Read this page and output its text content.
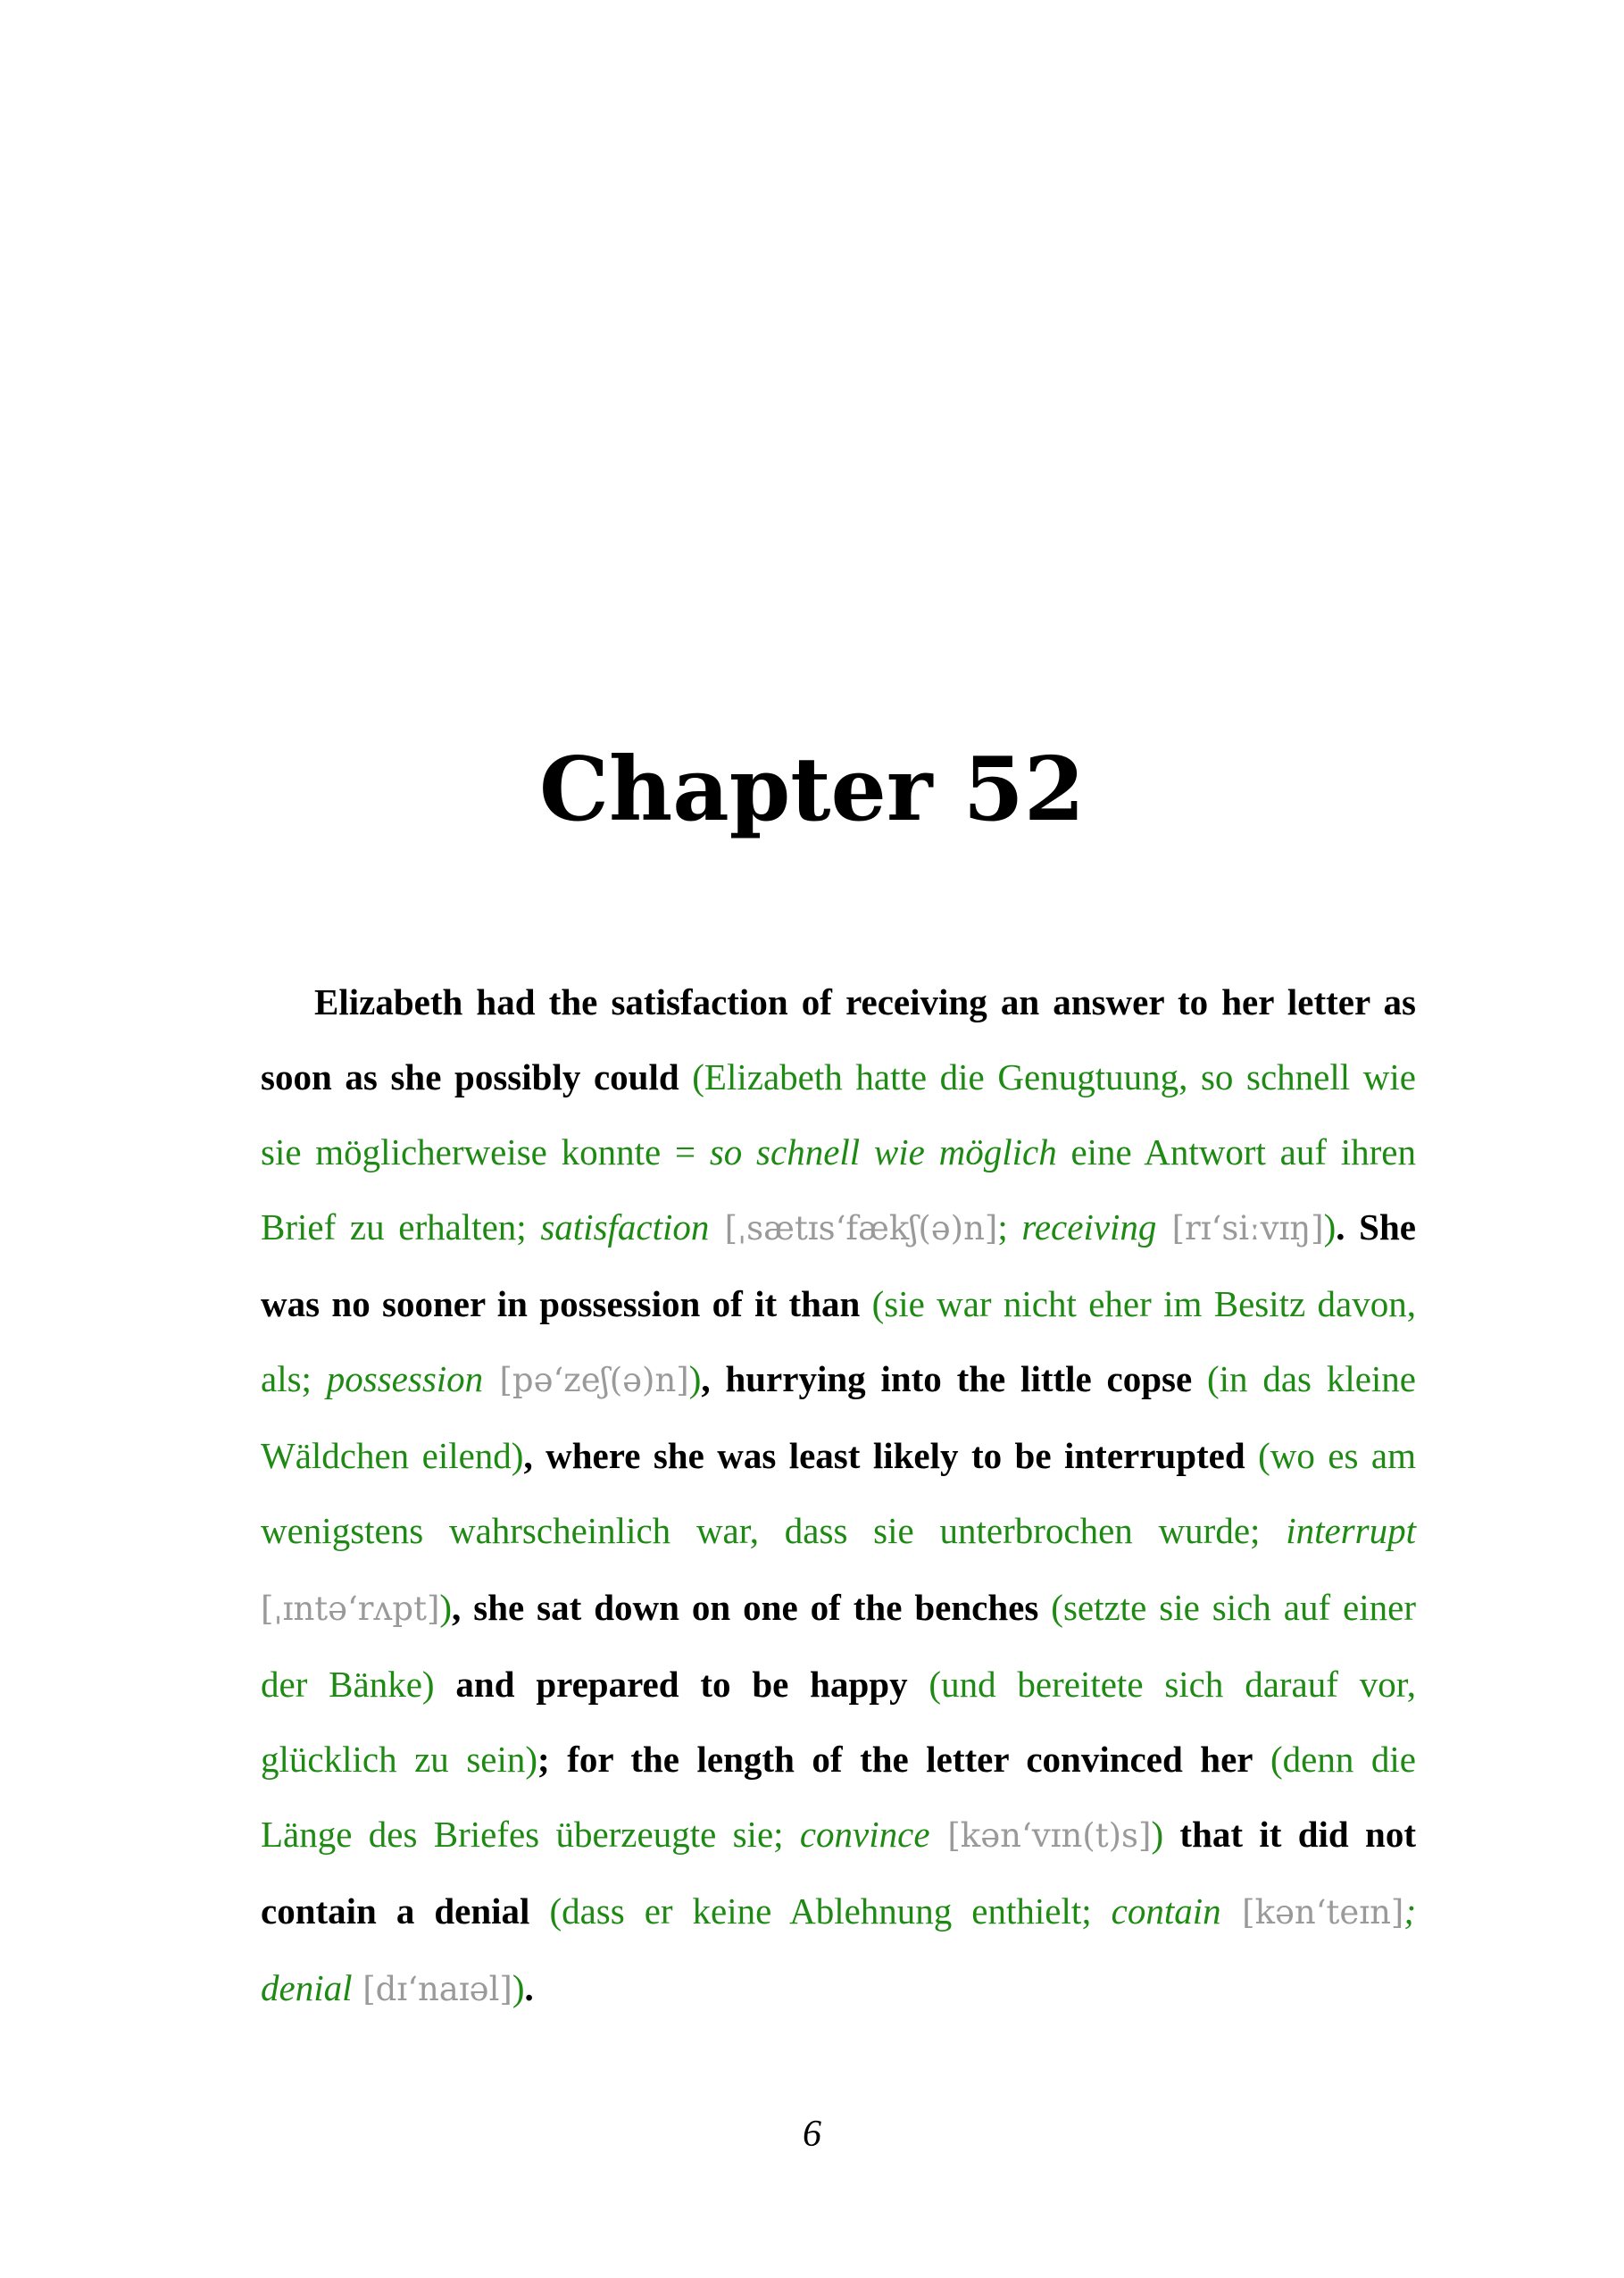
Chapter 52

Elizabeth had the satisfaction of receiving an answer to her letter as soon as she possibly could (Elizabeth hatte die Genugtuung, so schnell wie sie möglicherweise konnte = so schnell wie möglich eine Antwort auf ihren Brief zu erhalten; satisfaction [ˌsætɪs‘fækʃ(ə)n]; receiving [rɪ‘siːvɪŋ]). She was no sooner in possession of it than (sie war nicht eher im Besitz davon, als; possession [pə‘zeʃ(ə)n]), hurrying into the little copse (in das kleine Wäldchen eilend), where she was least likely to be interrupted (wo es am wenigstens wahrscheinlich war, dass sie unterbrochen wurde; interrupt [ˌɪntə‘rʌpt]), she sat down on one of the benches (setzte sie sich auf einer der Bänke) and prepared to be happy (und bereitete sich darauf vor, glücklich zu sein); for the length of the letter convinced her (denn die Länge des Briefes überzeugte sie; convince [kən‘vɪn(t)s]) that it did not contain a denial (dass er keine Ablehnung enthielt; contain [kən‘teɪn]; denial [dɪ‘naɪəl]).

6
